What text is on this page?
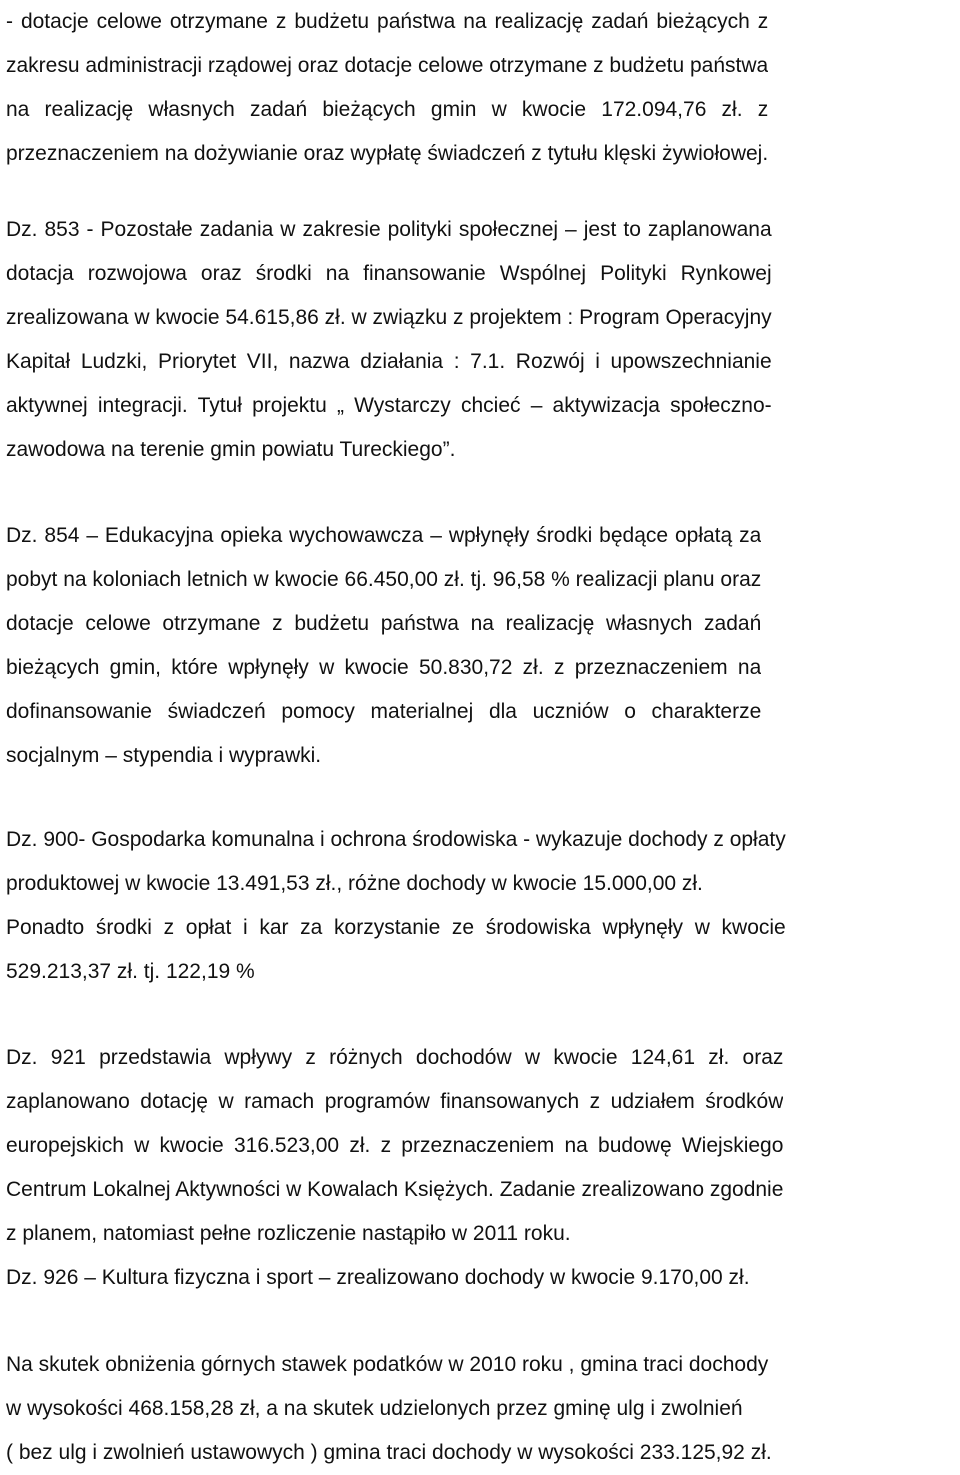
- dotacje celowe otrzymane z budżetu państwa na realizację zadań bieżących z
zakresu administracji rządowej oraz dotacje celowe otrzymane z budżetu państwa
na realizację własnych zadań bieżących gmin w kwocie 172.094,76 zł. z
przeznaczeniem na dożywianie oraz wypłatę świadczeń z tytułu klęski żywiołowej.
Dz. 853 - Pozostałe zadania w zakresie polityki społecznej – jest to zaplanowana
dotacja rozwojowa oraz środki na finansowanie Wspólnej Polityki Rynkowej
zrealizowana w kwocie 54.615,86 zł. w związku z projektem : Program Operacyjny
Kapitał Ludzki, Priorytet VII, nazwa działania : 7.1. Rozwój i upowszechnianie
aktywnej integracji. Tytuł projektu „ Wystarczy chcieć – aktywizacja społeczno-
zawodowa na terenie gmin powiatu Tureckiego”.
Dz. 854 – Edukacyjna opieka wychowawcza – wpłynęły środki będące opłatą za
pobyt na koloniach letnich w kwocie 66.450,00 zł. tj. 96,58 % realizacji planu oraz
dotacje celowe otrzymane z budżetu państwa na realizację własnych zadań
bieżących gmin, które wpłynęły w kwocie 50.830,72 zł. z przeznaczeniem na
dofinansowanie świadczeń pomocy materialnej dla uczniów o charakterze
socjalnym – stypendia i wyprawki.
Dz. 900- Gospodarka komunalna i ochrona środowiska - wykazuje dochody z opłaty
produktowej w kwocie 13.491,53 zł., różne dochody w kwocie 15.000,00 zł.
Ponadto środki z opłat i kar za korzystanie ze środowiska wpłynęły w kwocie
529.213,37 zł. tj. 122,19 %
Dz. 921 przedstawia wpływy z różnych dochodów w kwocie 124,61 zł. oraz
zaplanowano dotację w ramach programów finansowanych z udziałem środków
europejskich w kwocie 316.523,00 zł. z przeznaczeniem na budowę Wiejskiego
Centrum Lokalnej Aktywności w Kowalach Księżych. Zadanie zrealizowano zgodnie
z planem, natomiast pełne rozliczenie nastąpiło w 2011 roku.
Dz. 926 – Kultura fizyczna i sport – zrealizowano dochody w kwocie 9.170,00 zł.
Na skutek obniżenia górnych stawek podatków w 2010 roku , gmina traci dochody
w wysokości 468.158,28 zł, a na skutek udzielonych przez gminę ulg i zwolnień
( bez ulg i zwolnień ustawowych ) gmina traci dochody w wysokości 233.125,92 zł.
